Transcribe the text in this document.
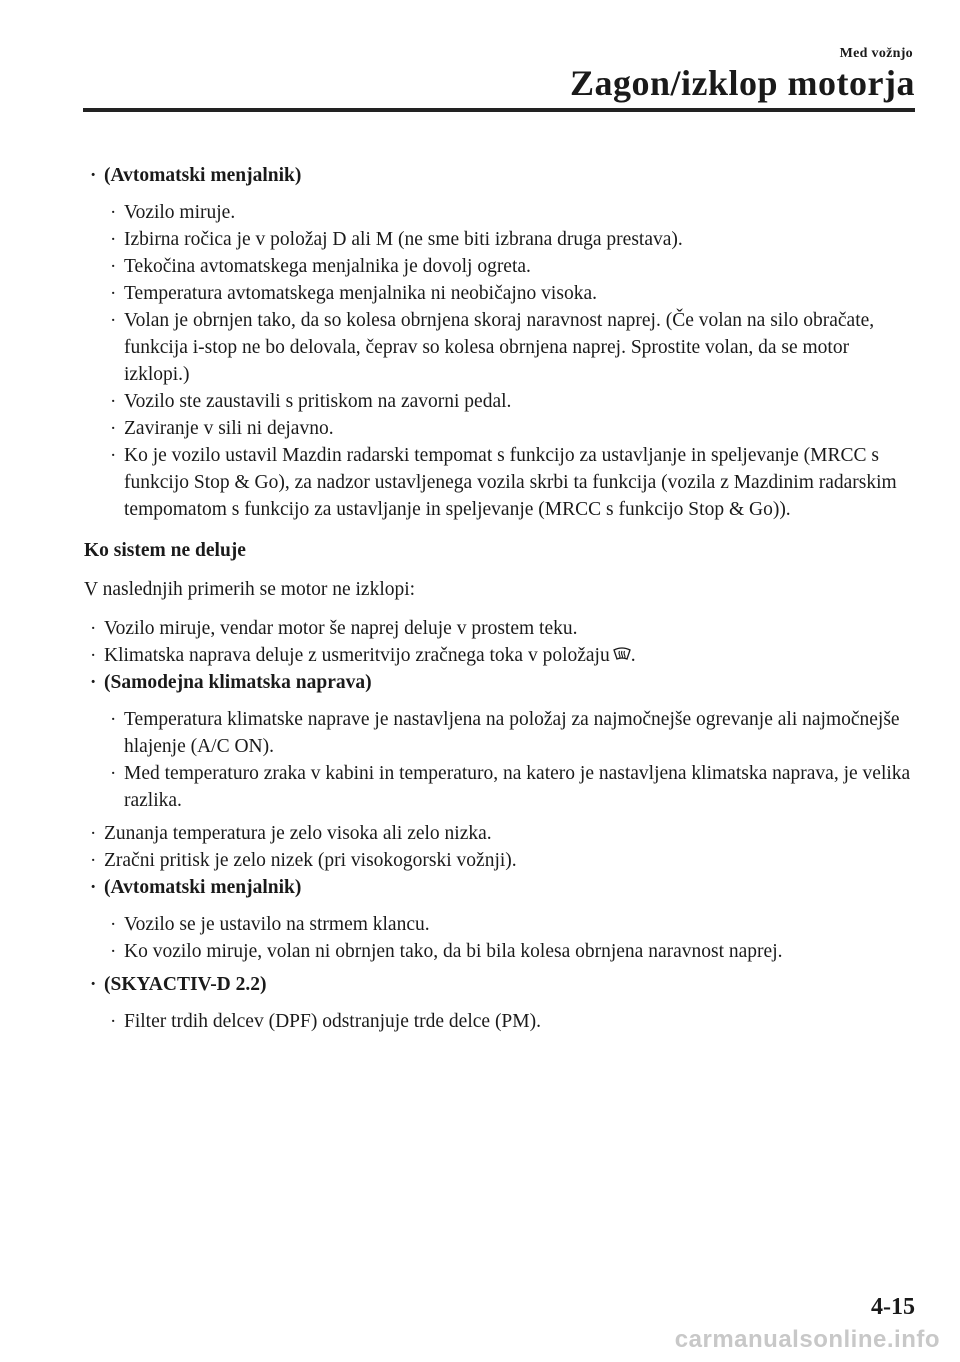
Med vožnjo
Zagon/izklop motorja
· (Avtomatski menjalnik)
· Vozilo miruje.
· Izbirna ročica je v položaj D ali M (ne sme biti izbrana druga prestava).
· Tekočina avtomatskega menjalnika je dovolj ogreta.
· Temperatura avtomatskega menjalnika ni neobičajno visoka.
· Volan je obrnjen tako, da so kolesa obrnjena skoraj naravnost naprej. (Če volan na silo obračate, funkcija i-stop ne bo delovala, čeprav so kolesa obrnjena naprej. Sprostite volan, da se motor izklopi.)
· Vozilo ste zaustavili s pritiskom na zavorni pedal.
· Zaviranje v sili ni dejavno.
· Ko je vozilo ustavil Mazdin radarski tempomat s funkcijo za ustavljanje in speljevanje (MRCC s funkcijo Stop & Go), za nadzor ustavljenega vozila skrbi ta funkcija (vozila z Mazdinim radarskim tempomatom s funkcijo za ustavljanje in speljevanje (MRCC s funkcijo Stop & Go)).
Ko sistem ne deluje
V naslednjih primerih se motor ne izklopi:
· Vozilo miruje, vendar motor še naprej deluje v prostem teku.
· Klimatska naprava deluje z usmeritvijo zračnega toka v položaju .
· (Samodejna klimatska naprava)
· Temperatura klimatske naprave je nastavljena na položaj za najmočnejše ogrevanje ali najmočnejše hlajenje (A/C ON).
· Med temperaturo zraka v kabini in temperaturo, na katero je nastavljena klimatska naprava, je velika razlika.
· Zunanja temperatura je zelo visoka ali zelo nizka.
· Zračni pritisk je zelo nizek (pri visokogorski vožnji).
· (Avtomatski menjalnik)
· Vozilo se je ustavilo na strmem klancu.
· Ko vozilo miruje, volan ni obrnjen tako, da bi bila kolesa obrnjena naravnost naprej.
· (SKYACTIV-D 2.2)
· Filter trdih delcev (DPF) odstranjuje trde delce (PM).
4-15
carmanualsonline.info
